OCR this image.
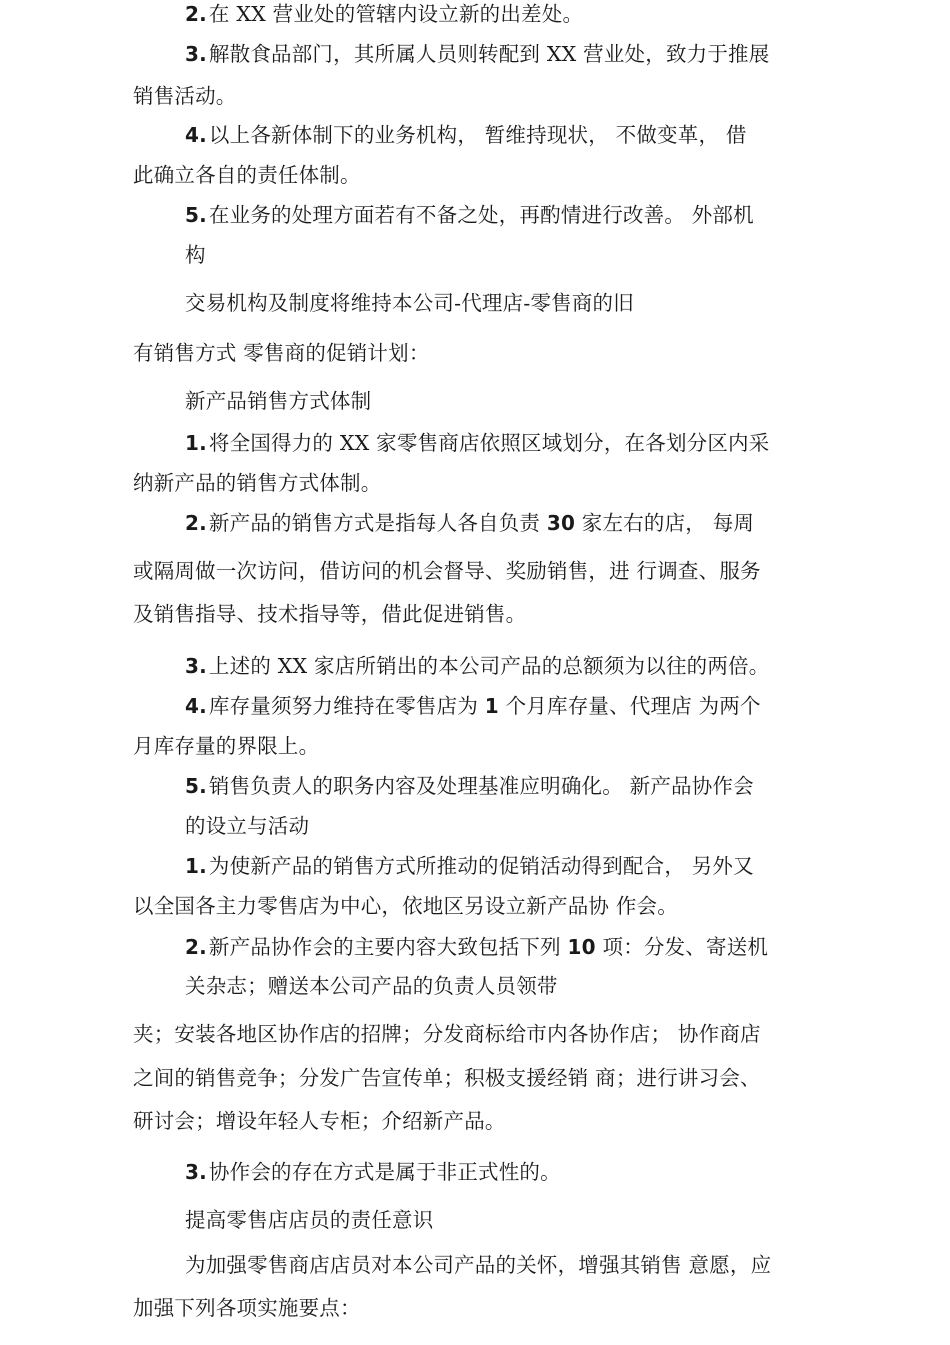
2.在 XX 营业处的管辖内设立新的出差处。
3.解散食品部门，其所属人员则转配到 XX 营业处，致力于推展
销售活动。
4.以上各新体制下的业务机构， 暂维持现状， 不做变革， 借
此确立各自的责任体制。
5.在业务的处理方面若有不备之处，再酌情进行改善。 外部机
构
交易机构及制度将维持本公司-代理店-零售商的旧
有销售方式 零售商的促销计划：
新产品销售方式体制
1.将全国得力的 XX 家零售商店依照区域划分，在各划分区内采
纳新产品的销售方式体制。
2.新产品的销售方式是指每人各自负责 30 家左右的店， 每周
或隔周做一次访问，借访问的机会督导、奖励销售，进 行调查、服务
及销售指导、技术指导等，借此促进销售。
3.上述的 XX 家店所销出的本公司产品的总额须为以往的两倍。
4.库存量须努力维持在零售店为 1 个月库存量、代理店 为两个
月库存量的界限上。
5.销售负责人的职务内容及处理基准应明确化。 新产品协作会
的设立与活动
1.为使新产品的销售方式所推动的促销活动得到配合， 另外又
以全国各主力零售店为中心，依地区另设立新产品协 作会。
2.新产品协作会的主要内容大致包括下列 10 项：分发、寄送机
关杂志；赠送本公司产品的负责人员领带
夹；安装各地区协作店的招牌；分发商标给市内各协作店； 协作商店
之间的销售竞争；分发广告宣传单；积极支援经销 商；进行讲习会、
研讨会；增设年轻人专柜；介绍新产品。
3.协作会的存在方式是属于非正式性的。
提高零售店店员的责任意识
为加强零售商店店员对本公司产品的关怀，增强其销售 意愿，应
加强下列各项实施要点：
